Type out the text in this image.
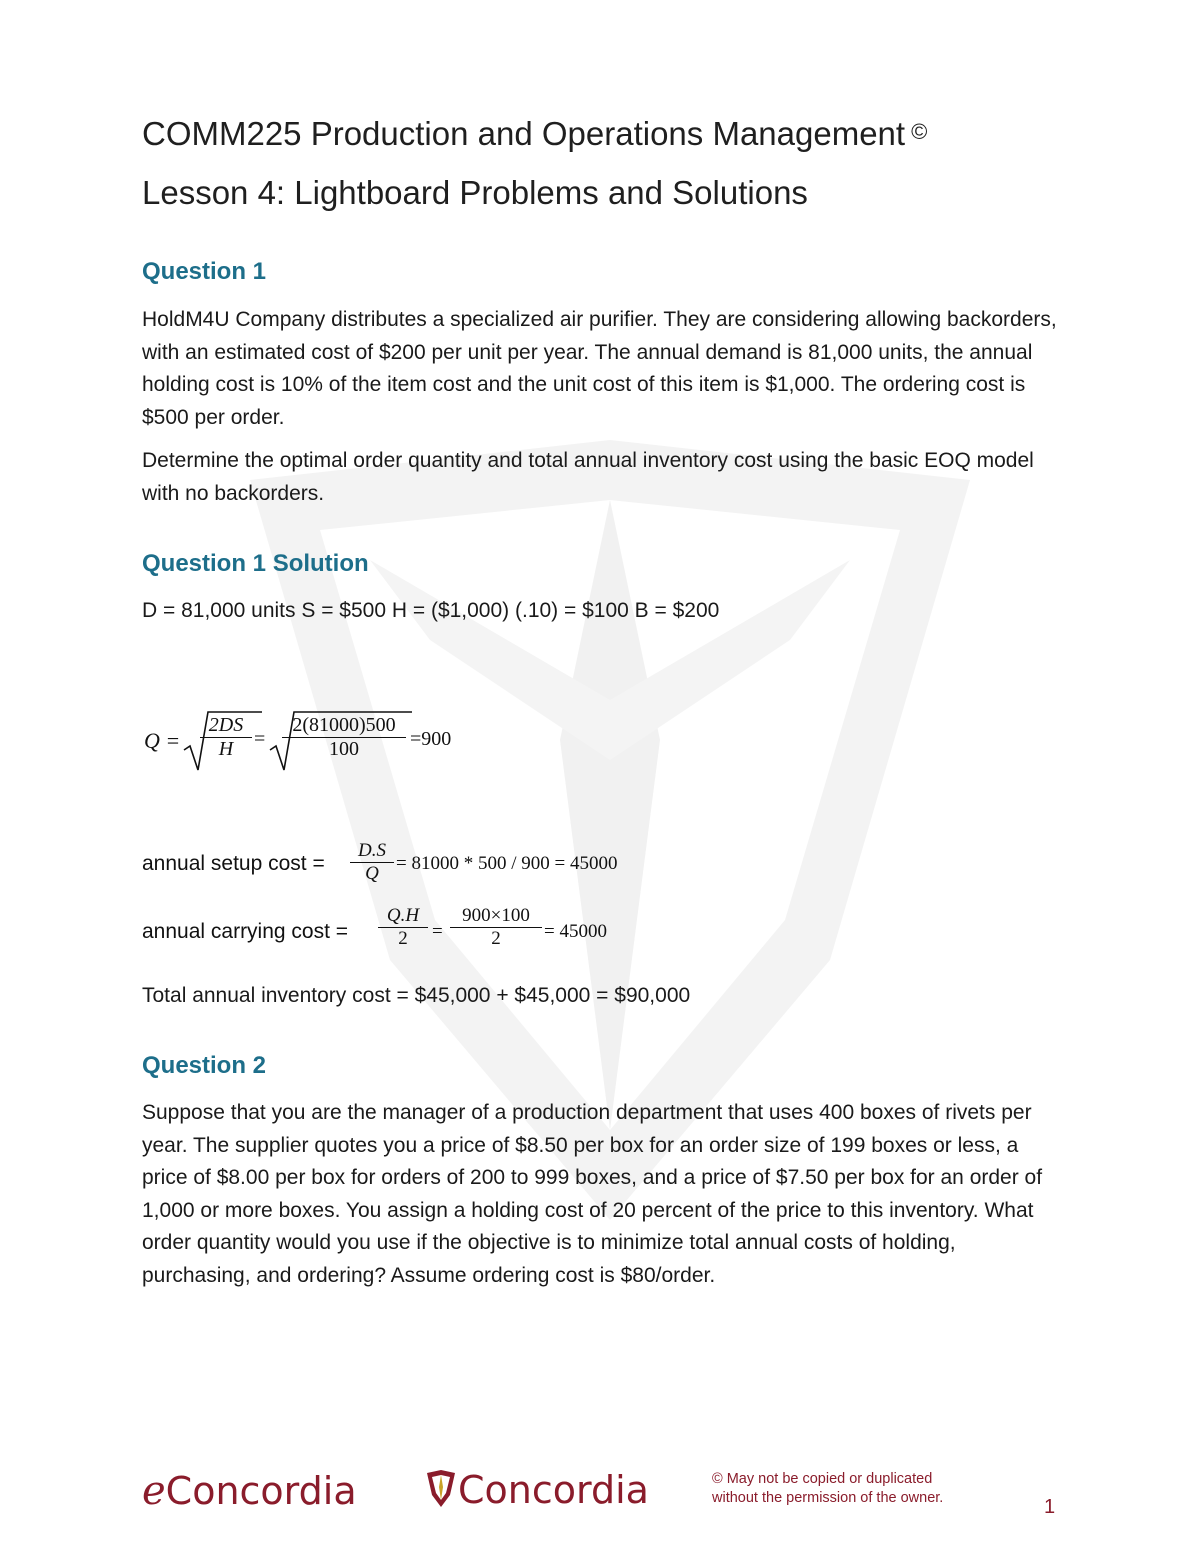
COMM225 Production and Operations Management ©
Lesson 4: Lightboard Problems and Solutions
Question 1

HoldM4U Company distributes a specialized air purifier. They are considering allowing backorders, with an estimated cost of $200 per unit per year. The annual demand is 81,000 units, the annual holding cost is 10% of the item cost and the unit cost of this item is $1,000. The ordering cost is $500 per order.

Determine the optimal order quantity and total annual inventory cost using the basic EOQ model with no backorders.

Question 1 Solution

D = 81,000 units S = $500 H = ($1,000) (.10) = $100 B = $200

$Q = \frac{2DS}{H} = \frac{2(81000)500}{100} =900$
annual setup $\cos t = \frac{D.S}{Q} = 81000 * 500 / 900 = 45000$
annual carrying $\cos t = \frac{Q.H}{2} = \frac{900\times 100}{2} = 45000$

Total annual inventory cost = $45,000 + $45,000 = $90,000

Question 2

Suppose that you are the manager of a production department that uses 400 boxes of rivets per year. The supplier quotes you a price of $8.50 per box for an order size of 199 boxes or less, a price of $8.00 per box for orders of 200 to 999 boxes, and a price of $7.50 per box for an order of 1,000 or more boxes. You assign a holding cost of 20 percent of the price to this inventory. What order quantity would you use if the objective is to minimize total annual costs of holding, purchasing, and ordering? Assume ordering cost is $80/order.

eConcordia	Concordia	© May not be copied or duplicated
without the permission of the owner.	1
